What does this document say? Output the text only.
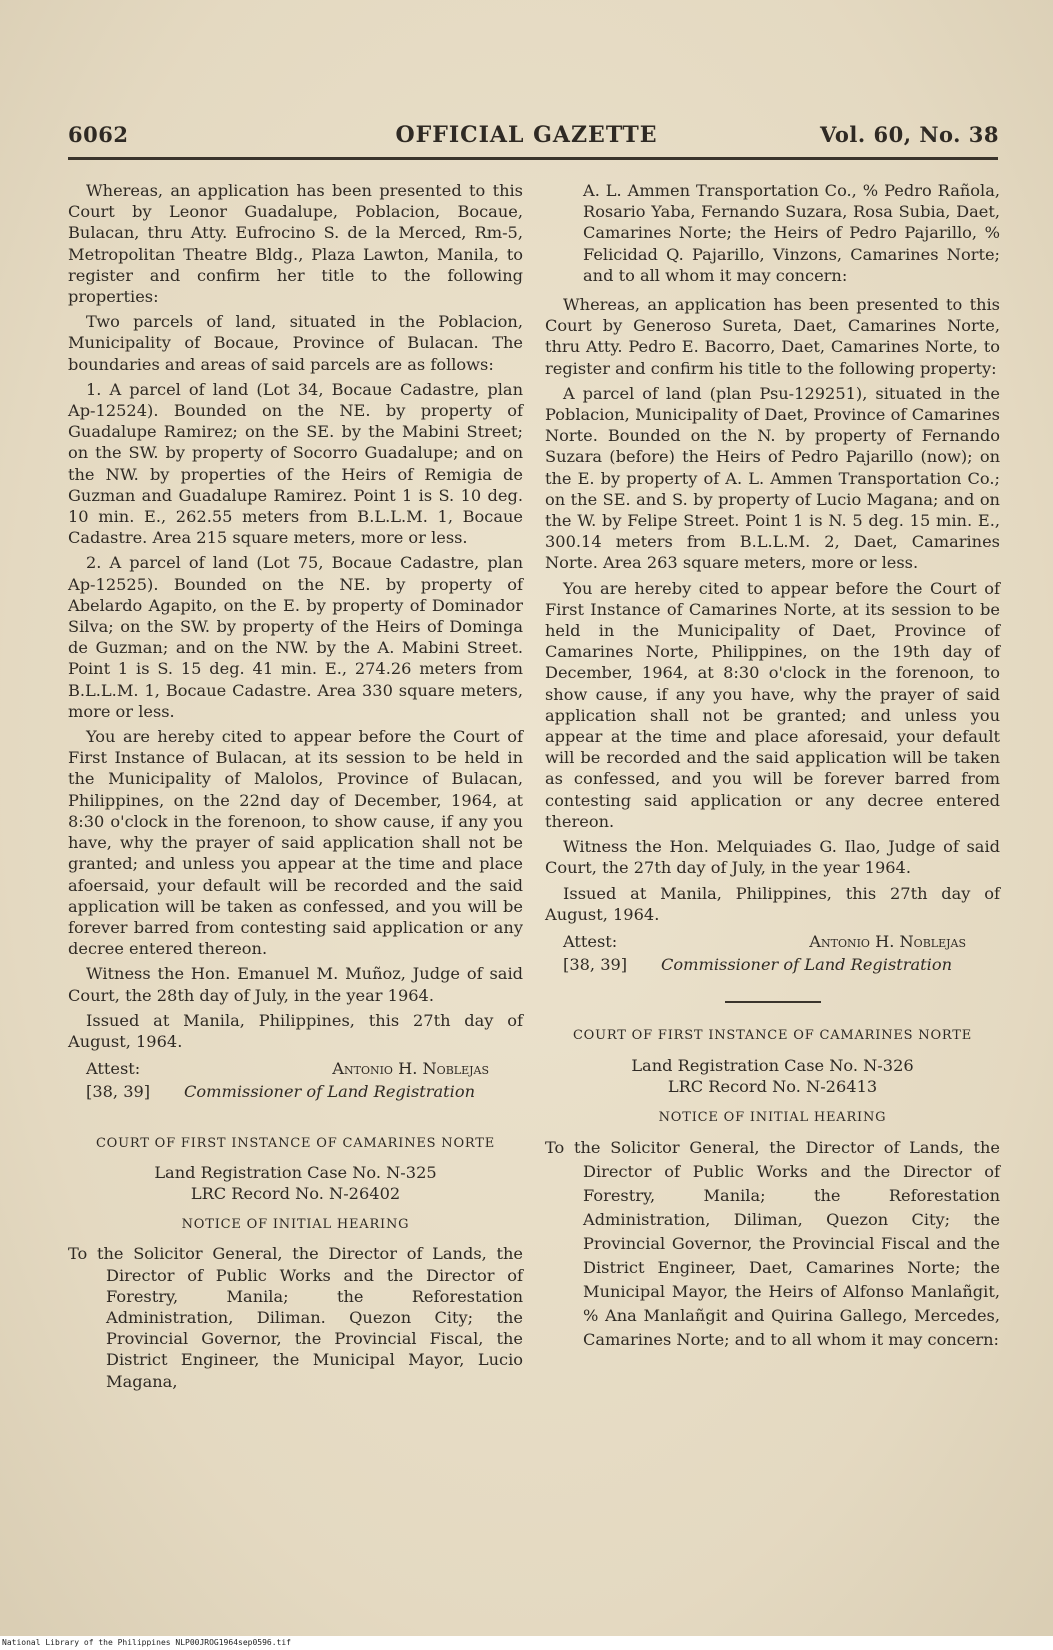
6062	OFFICIAL GAZETTE	Vol. 60, No. 38

Whereas, an application has been presented to this Court by Leonor Guadalupe, Poblacion, Bocaue, Bulacan, thru Atty. Eufrocino S. de la Merced, Rm-5, Metropolitan Theatre Bldg., Plaza Lawton, Manila, to register and confirm her title to the following properties:

Two parcels of land, situated in the Poblacion, Municipality of Bocaue, Province of Bulacan. The boundaries and areas of said parcels are as follows:

1. A parcel of land (Lot 34, Bocaue Cadastre, plan Ap-12524). Bounded on the NE. by property of Guadalupe Ramirez; on the SE. by the Mabini Street; on the SW. by property of Socorro Guadalupe; and on the NW. by properties of the Heirs of Remigia de Guzman and Guadalupe Ramirez. Point 1 is S. 10 deg. 10 min. E., 262.55 meters from B.L.L.M. 1, Bocaue Cadastre. Area 215 square meters, more or less.

2. A parcel of land (Lot 75, Bocaue Cadastre, plan Ap-12525). Bounded on the NE. by property of Abelardo Agapito, on the E. by property of Dominador Silva; on the SW. by property of the Heirs of Dominga de Guzman; and on the NW. by the A. Mabini Street. Point 1 is S. 15 deg. 41 min. E., 274.26 meters from B.L.L.M. 1, Bocaue Cadastre. Area 330 square meters, more or less.

You are hereby cited to appear before the Court of First Instance of Bulacan, at its session to be held in the Municipality of Malolos, Province of Bulacan, Philippines, on the 22nd day of December, 1964, at 8:30 o'clock in the forenoon, to show cause, if any you have, why the prayer of said application shall not be granted; and unless you appear at the time and place afoersaid, your default will be recorded and the said application will be taken as confessed, and you will be forever barred from contesting said application or any decree entered thereon.

Witness the Hon. Emanuel M. Muñoz, Judge of said Court, the 28th day of July, in the year 1964.

Issued at Manila, Philippines, this 27th day of August, 1964.

Attest:	Antonio H. Noblejas
[38, 39]	Commissioner of Land Registration
COURT OF FIRST INSTANCE OF CAMARINES NORTE

Land Registration Case No. N-325

LRC Record No. N-26402

NOTICE OF INITIAL HEARING
To the Solicitor General, the Director of Lands, the Director of Public Works and the Director of Forestry, Manila; the Reforestation Administration, Diliman. Quezon City; the Provincial Governor, the Provincial Fiscal, the District Engineer, the Municipal Mayor, Lucio Magana,
A. L. Ammen Transportation Co., % Pedro Rañola, Rosario Yaba, Fernando Suzara, Rosa Subia, Daet, Camarines Norte; the Heirs of Pedro Pajarillo, % Felicidad Q. Pajarillo, Vinzons, Camarines Norte; and to all whom it may concern:

Whereas, an application has been presented to this Court by Generoso Sureta, Daet, Camarines Norte, thru Atty. Pedro E. Bacorro, Daet, Camarines Norte, to register and confirm his title to the following property:

A parcel of land (plan Psu-129251), situated in the Poblacion, Municipality of Daet, Province of Camarines Norte. Bounded on the N. by property of Fernando Suzara (before) the Heirs of Pedro Pajarillo (now); on the E. by property of A. L. Ammen Transportation Co.; on the SE. and S. by property of Lucio Magana; and on the W. by Felipe Street. Point 1 is N. 5 deg. 15 min. E., 300.14 meters from B.L.L.M. 2, Daet, Camarines Norte. Area 263 square meters, more or less.

You are hereby cited to appear before the Court of First Instance of Camarines Norte, at its session to be held in the Municipality of Daet, Province of Camarines Norte, Philippines, on the 19th day of December, 1964, at 8:30 o'clock in the forenoon, to show cause, if any you have, why the prayer of said application shall not be granted; and unless you appear at the time and place aforesaid, your default will be recorded and the said application will be taken as confessed, and you will be forever barred from contesting said application or any decree entered thereon.

Witness the Hon. Melquiades G. Ilao, Judge of said Court, the 27th day of July, in the year 1964.

Issued at Manila, Philippines, this 27th day of August, 1964.

Attest:	Antonio H. Noblejas
[38, 39]	Commissioner of Land Registration
COURT OF FIRST INSTANCE OF CAMARINES NORTE

Land Registration Case No. N-326

LRC Record No. N-26413

NOTICE OF INITIAL HEARING
To the Solicitor General, the Director of Lands, the Director of Public Works and the Director of Forestry, Manila; the Reforestation Administration, Diliman, Quezon City; the Provincial Governor, the Provincial Fiscal and the District Engineer, Daet, Camarines Norte; the Municipal Mayor, the Heirs of Alfonso Manlañgit, % Ana Manlañgit and Quirina Gallego, Mercedes, Camarines Norte; and to all whom it may concern:
National Library of the Philippines NLP00JROG1964sep0596.tif
